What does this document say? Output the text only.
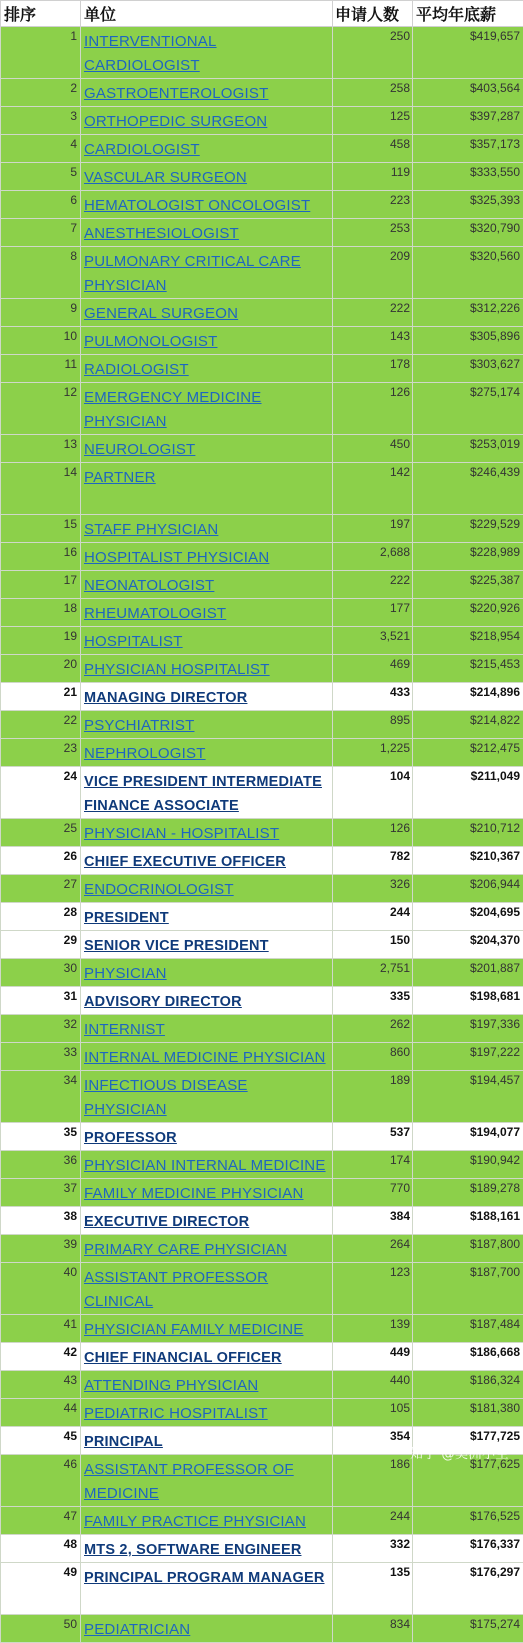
排序	单位	申请人数	平均年底薪
1	INTERVENTIONAL CARDIOLOGIST	250	$419,657
2	GASTROENTEROLOGIST	258	$403,564
3	ORTHOPEDIC SURGEON	125	$397,287
4	CARDIOLOGIST	458	$357,173
5	VASCULAR SURGEON	119	$333,550
6	HEMATOLOGIST ONCOLOGIST	223	$325,393
7	ANESTHESIOLOGIST	253	$320,790
8	PULMONARY CRITICAL CARE PHYSICIAN	209	$320,560
9	GENERAL SURGEON	222	$312,226
10	PULMONOLOGIST	143	$305,896
11	RADIOLOGIST	178	$303,627
12	EMERGENCY MEDICINE PHYSICIAN	126	$275,174
13	NEUROLOGIST	450	$253,019
14	PARTNER	142	$246,439
15	STAFF PHYSICIAN	197	$229,529
16	HOSPITALIST PHYSICIAN	2,688	$228,989
17	NEONATOLOGIST	222	$225,387
18	RHEUMATOLOGIST	177	$220,926
19	HOSPITALIST	3,521	$218,954
20	PHYSICIAN HOSPITALIST	469	$215,453
21	MANAGING DIRECTOR	433	$214,896
22	PSYCHIATRIST	895	$214,822
23	NEPHROLOGIST	1,225	$212,475
24	VICE PRESIDENT INTERMEDIATE FINANCE ASSOCIATE	104	$211,049
25	PHYSICIAN - HOSPITALIST	126	$210,712
26	CHIEF EXECUTIVE OFFICER	782	$210,367
27	ENDOCRINOLOGIST	326	$206,944
28	PRESIDENT	244	$204,695
29	SENIOR VICE PRESIDENT	150	$204,370
30	PHYSICIAN	2,751	$201,887
31	ADVISORY DIRECTOR	335	$198,681
32	INTERNIST	262	$197,336
33	INTERNAL MEDICINE PHYSICIAN	860	$197,222
34	INFECTIOUS DISEASE PHYSICIAN	189	$194,457
35	PROFESSOR	537	$194,077
36	PHYSICIAN INTERNAL MEDICINE	174	$190,942
37	FAMILY MEDICINE PHYSICIAN	770	$189,278
38	EXECUTIVE DIRECTOR	384	$188,161
39	PRIMARY CARE PHYSICIAN	264	$187,800
40	ASSISTANT PROFESSOR CLINICAL	123	$187,700
41	PHYSICIAN FAMILY MEDICINE	139	$187,484
42	CHIEF FINANCIAL OFFICER	449	$186,668
43	ATTENDING PHYSICIAN	440	$186,324
44	PEDIATRIC HOSPITALIST	105	$181,380
45	PRINCIPAL	354	$177,725
46	ASSISTANT PROFESSOR OF MEDICINE	186	$177,625
47	FAMILY PRACTICE PHYSICIAN	244	$176,525
48	MTS 2, SOFTWARE ENGINEER	332	$176,337
49	PRINCIPAL PROGRAM MANAGER	135	$176,297
50	PEDIATRICIAN	834	$175,274
知乎 @美洲小生
